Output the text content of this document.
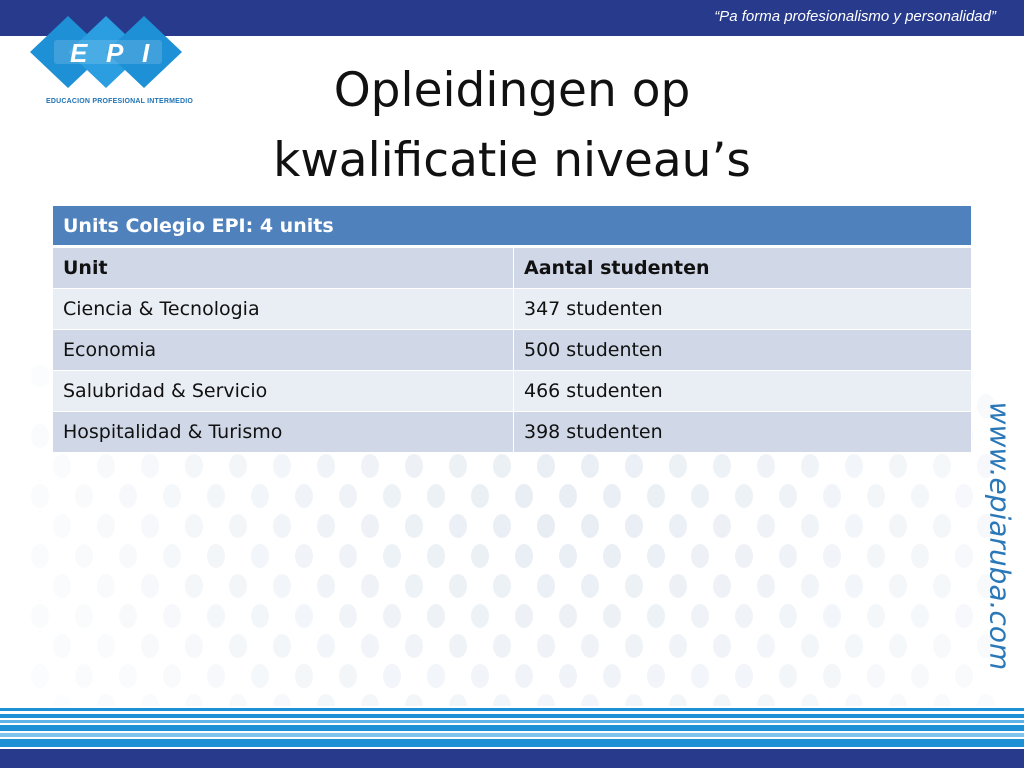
“Pa forma profesionalismo y personalidad”
E P I
EDUCACION PROFESIONAL INTERMEDIO	Opleidingen op
kwalificatie niveau’s
Units Colegio EPI: 4 units	
Unit	Aantal studenten
Ciencia & Tecnologia	347 studenten
Economia	500 studenten
Salubridad & Servicio	466 studenten
Hospitalidad & Turismo	398 studenten	www.epiaruba.com
